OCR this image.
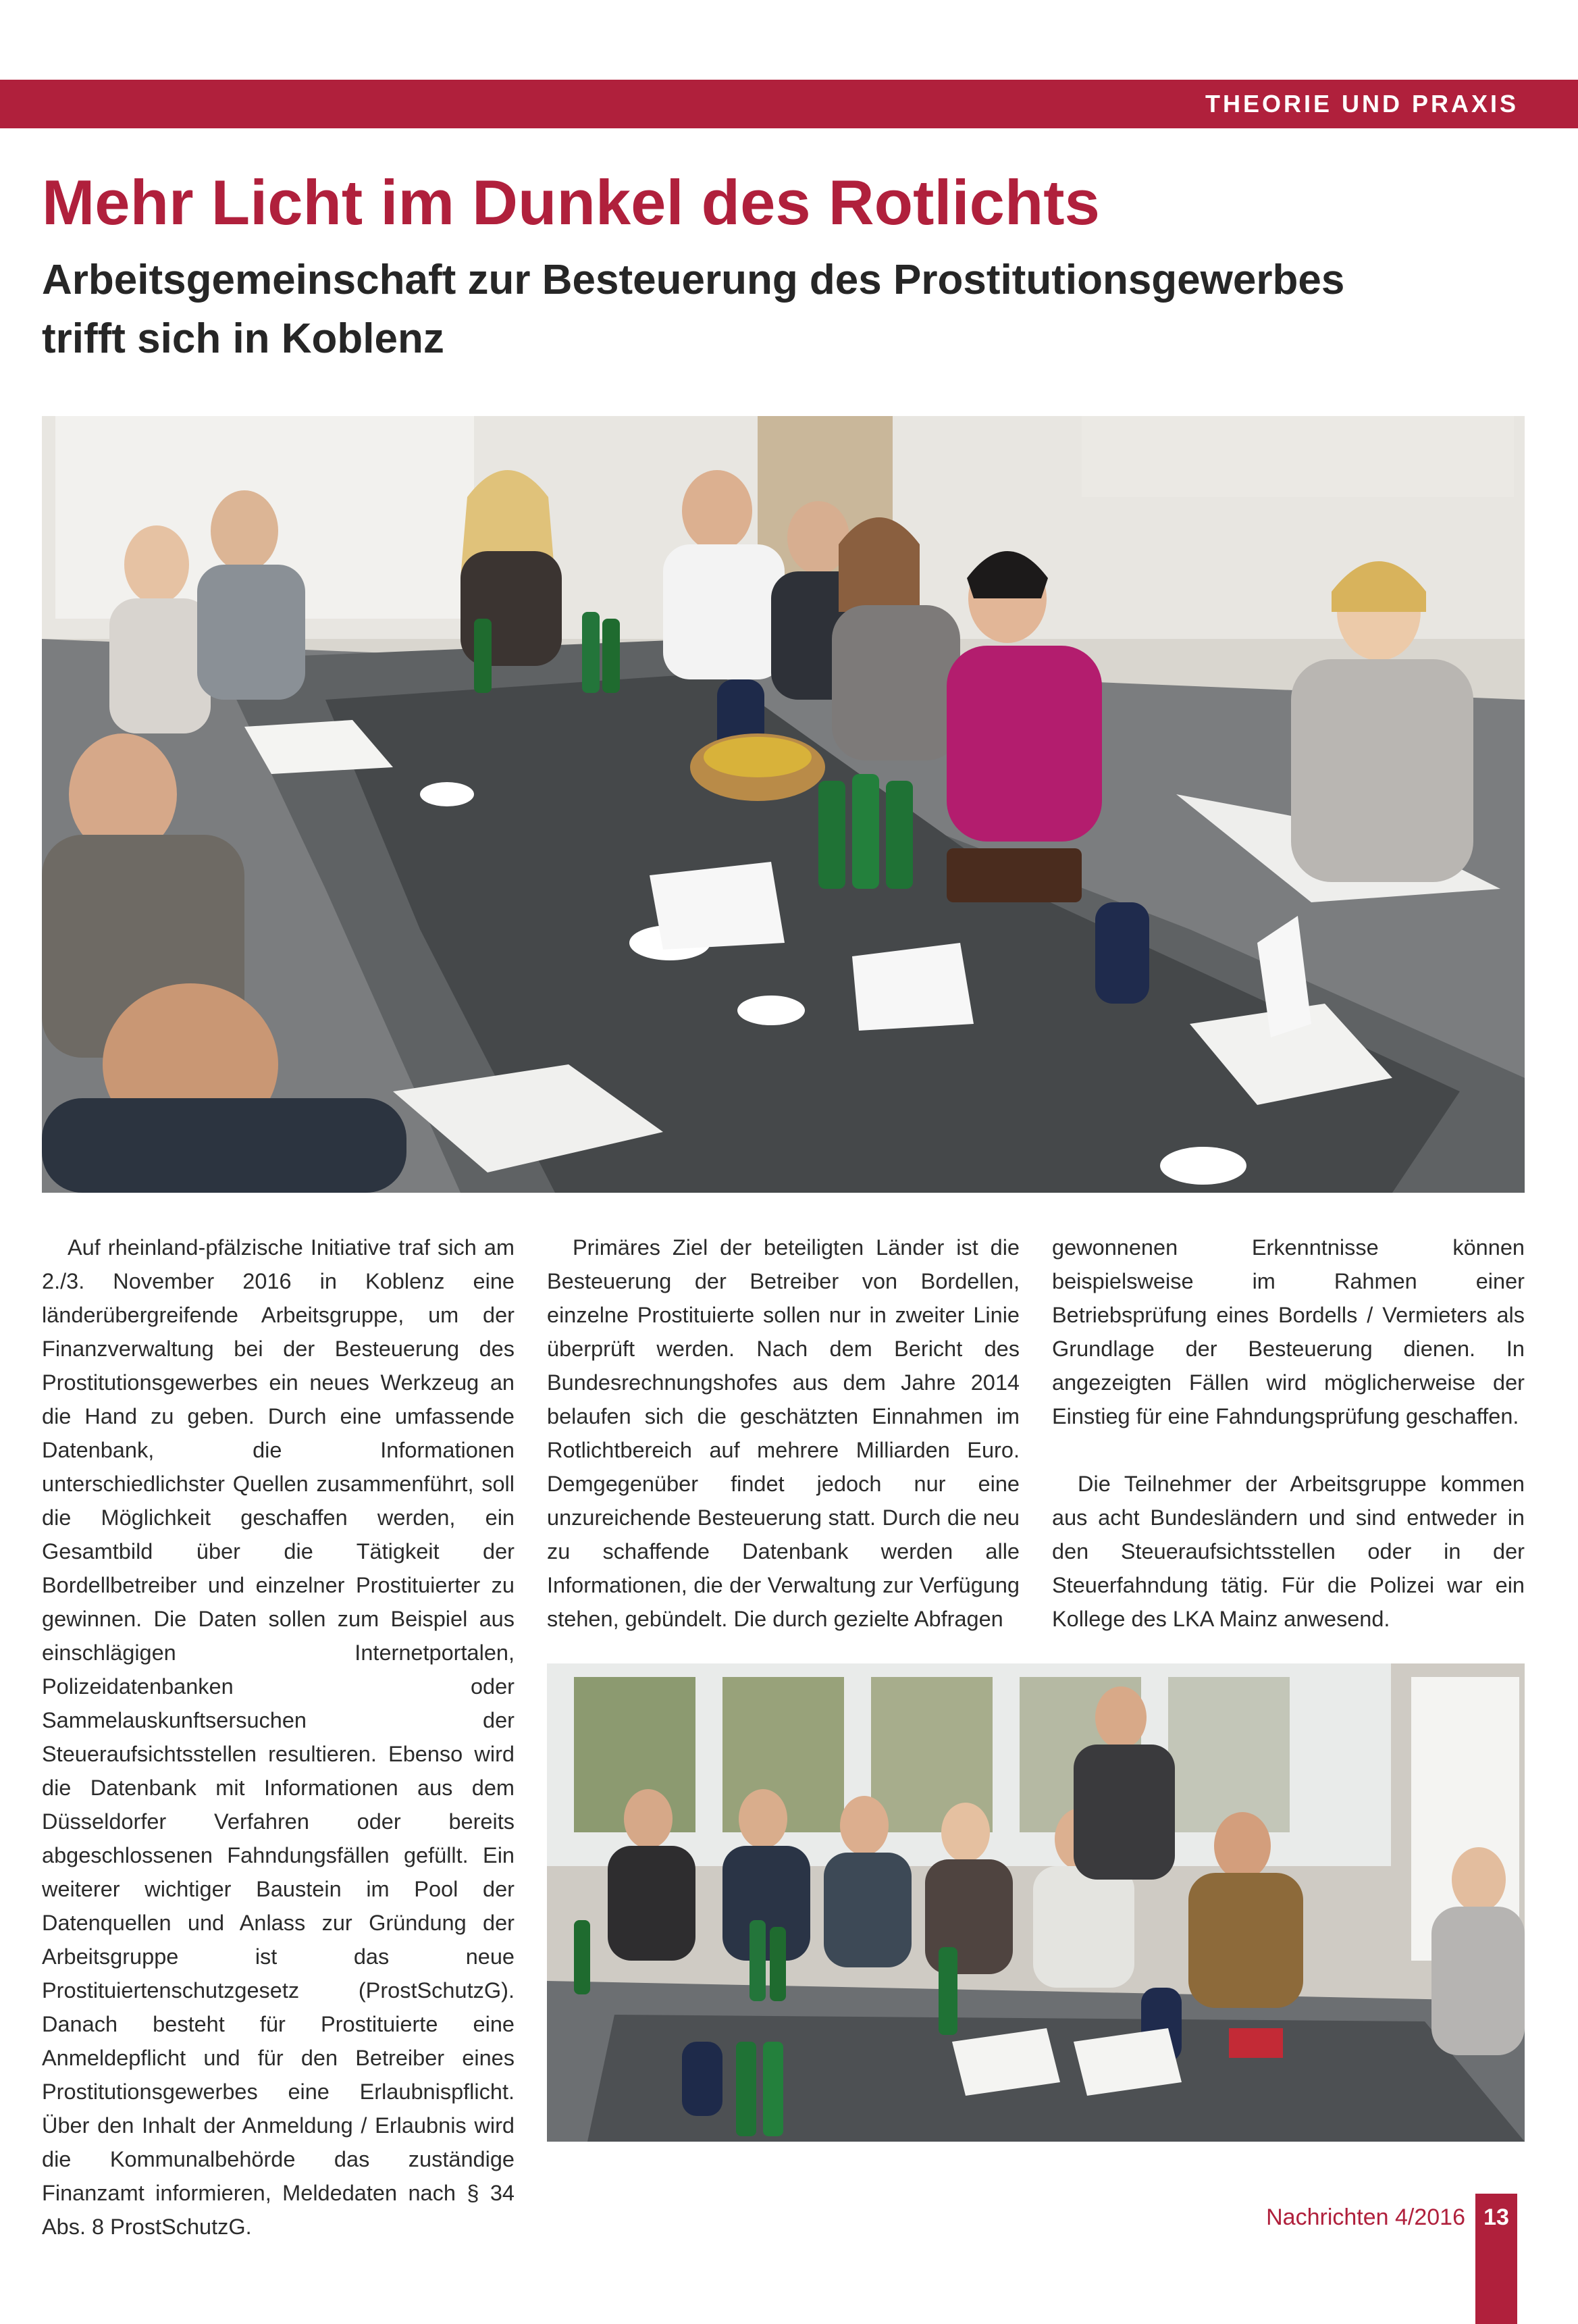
THEORIE UND PRAXIS
Mehr Licht im Dunkel des Rotlichts
Arbeitsgemeinschaft zur Besteuerung des Prostitutionsgewerbes
trifft sich in Koblenz

Auf rheinland-pfälzische Initiative traf sich am 2./3. November 2016 in Koblenz eine länderübergreifende Arbeitsgruppe, um der Finanzverwaltung bei der Besteuerung des Prostitutionsgewerbes ein neues Werkzeug an die Hand zu geben. Durch eine umfassende Datenbank, die Informationen unterschiedlichster Quellen zusammenführt, soll die Möglichkeit geschaffen werden, ein Gesamtbild über die Tätigkeit der Bordellbetreiber und einzelner Prostituierter zu gewinnen. Die Daten sollen zum Beispiel aus einschlägigen Internetportalen, Polizeidatenbanken oder Sammelauskunftsersuchen der Steueraufsichtsstellen resultieren. Ebenso wird die Datenbank mit Informationen aus dem Düsseldorfer Verfahren oder bereits abgeschlossenen Fahndungsfällen gefüllt. Ein weiterer wichtiger Baustein im Pool der Datenquellen und Anlass zur Gründung der Arbeitsgruppe ist das neue Prostituiertenschutzgesetz (ProstSchutzG). Danach besteht für Prostituierte eine Anmeldepflicht und für den Betreiber eines Prostitutionsgewerbes eine Erlaubnispflicht. Über den Inhalt der Anmeldung / Erlaubnis wird die Kommunalbehörde das zuständige Finanzamt informieren, Meldedaten nach § 34 Abs. 8 ProstSchutzG.

Primäres Ziel der beteiligten Länder ist die Besteuerung der Betreiber von Bordellen, einzelne Prostituierte sollen nur in zweiter Linie überprüft werden. Nach dem Bericht des Bundesrechnungshofes aus dem Jahre 2014 belaufen sich die geschätzten Einnahmen im Rotlichtbereich auf mehrere Milliarden Euro. Demgegenüber findet jedoch nur eine unzureichende Besteuerung statt. Durch die neu zu schaffende Datenbank werden alle Informationen, die der Verwaltung zur Verfügung stehen, gebündelt. Die durch gezielte Abfragen

gewonnenen Erkenntnisse können beispielsweise im Rahmen einer Betriebsprüfung eines Bordells / Vermieters als Grundlage der Besteuerung dienen. In angezeigten Fällen wird möglicherweise der Einstieg für eine Fahndungsprüfung geschaffen.

Die Teilnehmer der Arbeitsgruppe kommen aus acht Bundesländern und sind entweder in den Steueraufsichtsstellen oder in der Steuerfahndung tätig. Für die Polizei war ein Kollege des LKA Mainz anwesend.

Nachrichten 4/2016 13
